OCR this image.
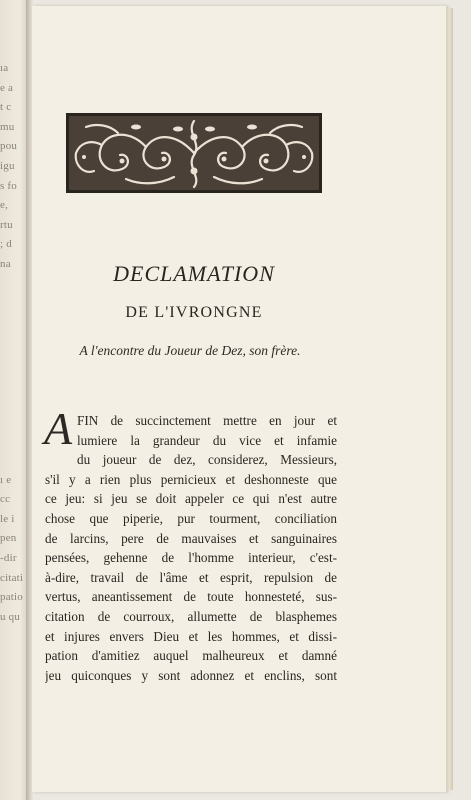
ıa
e a
t c
mu
pou
igu
s fo
e,
rtu
; d
na
ı e
cc
le i
pen
-dir
citati
patio
u qu
DECLAMATION
DE L'IVRONGNE
A l'encontre du Joueur de Dez, son frère.
A FIN de succinctement mettre en jour et
lumiere la grandeur du vice et infamie
du joueur de dez, considerez, Messieurs,
s'il y a rien plus pernicieux et deshonneste que
ce jeu: si jeu se doit appeler ce qui n'est autre
chose que piperie, pur tourment, conciliation
de larcins, pere de mauvaises et sanguinaires
pensées, gehenne de l'homme interieur, c'est-
à-dire, travail de l'âme et esprit, repulsion de
vertus, aneantissement de toute honnesteté, sus-
citation de courroux, allumette de blasphemes
et injures envers Dieu et les hommes, et dissi-
pation d'amitiez auquel malheureux et damné
jeu quiconques y sont adonnez et enclins, sont
